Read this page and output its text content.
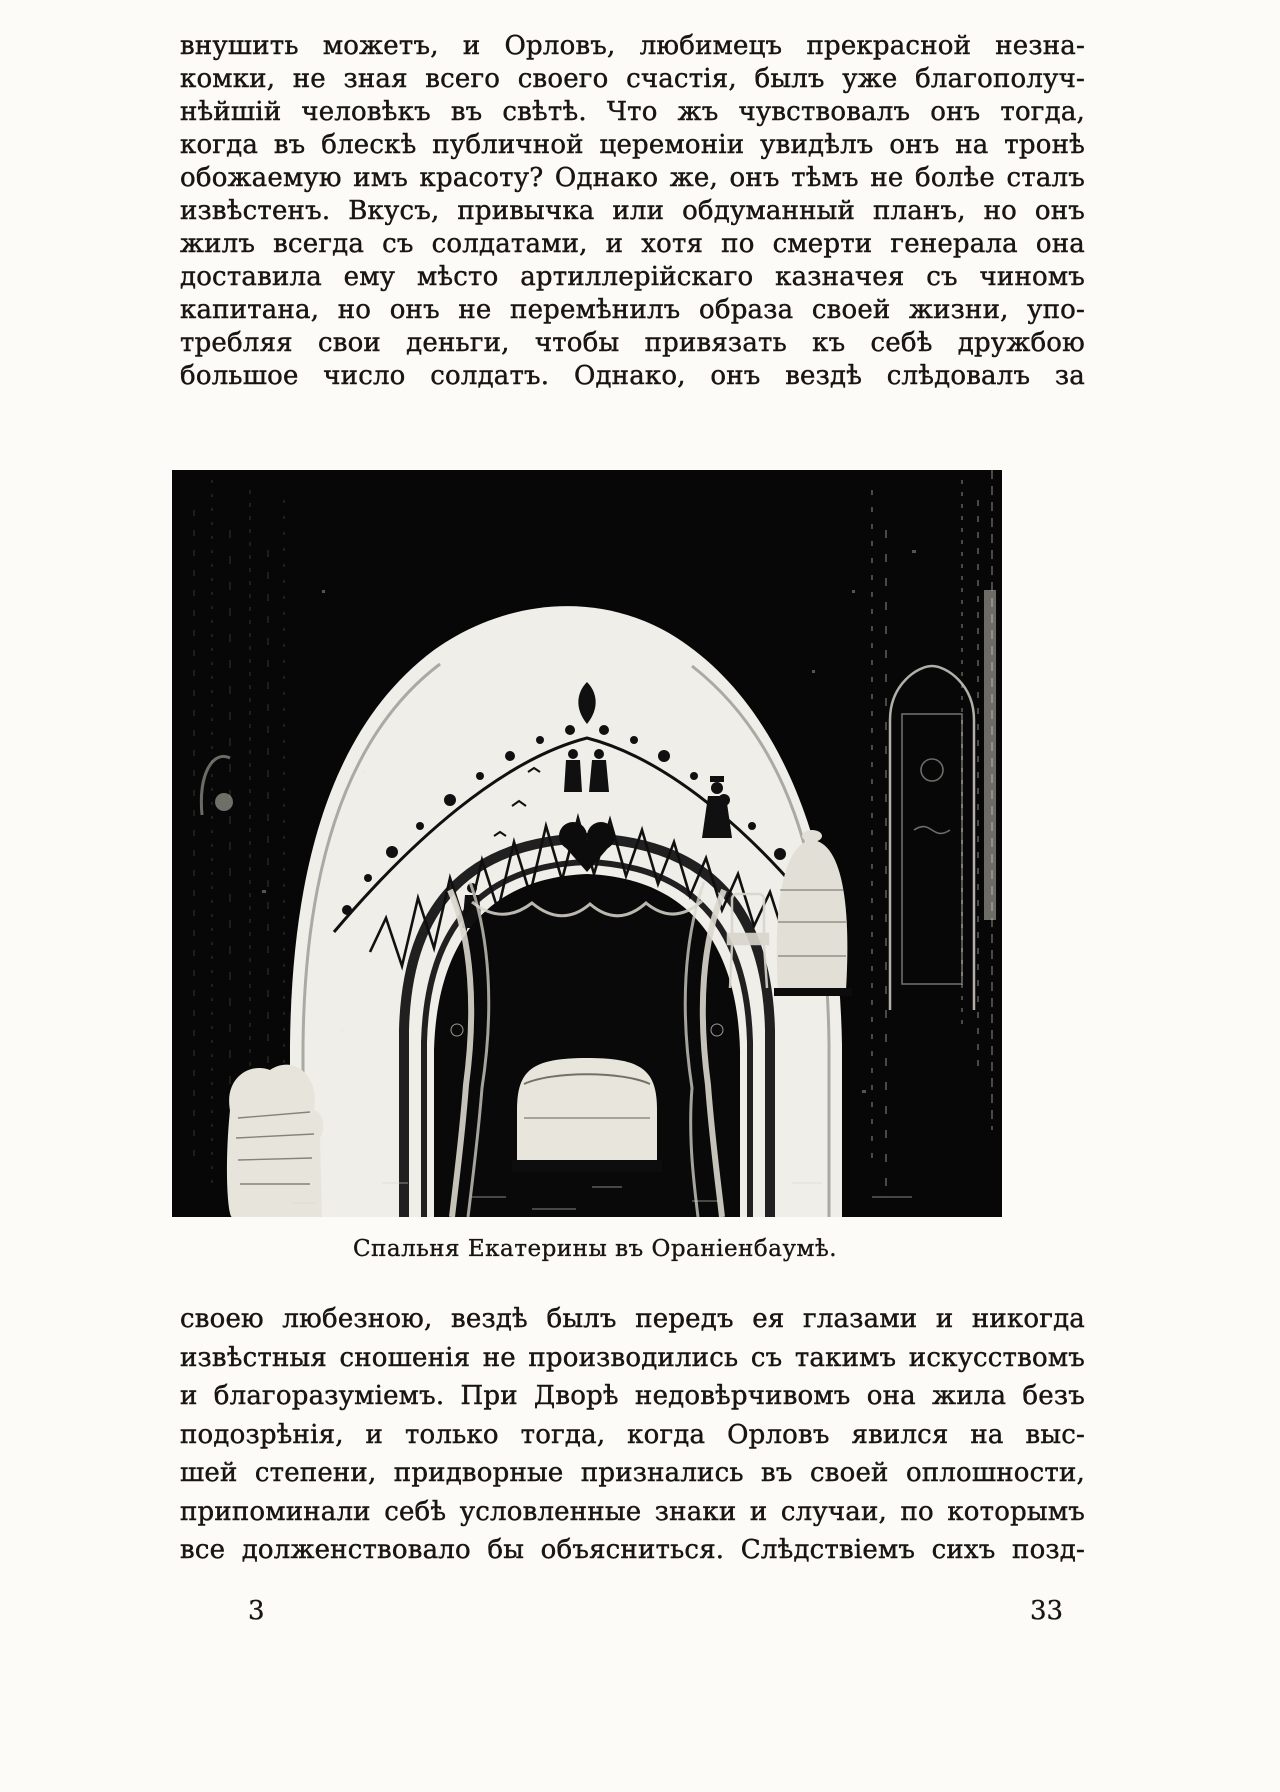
внушить можетъ, и Орловъ, любимецъ прекрасной незна-
комки, не зная всего своего счастія, былъ уже благополуч-
нѣйшій человѣкъ въ свѣтѣ. Что жъ чувствовалъ онъ тогда,
когда въ блескѣ публичной церемоніи увидѣлъ онъ на тронѣ
обожаемую имъ красоту? Однако же, онъ тѣмъ не болѣе сталъ
извѣстенъ. Вкусъ, привычка или обдуманный планъ, но онъ
жилъ всегда съ солдатами, и хотя по смерти генерала она
доставила ему мѣсто артиллерійскаго казначея съ чиномъ
капитана, но онъ не перемѣнилъ образа своей жизни, упо-
требляя свои деньги, чтобы привязать къ себѣ дружбою
большое число солдатъ. Однако, онъ вездѣ слѣдовалъ за
Спальня Екатерины въ Ораніенбаумѣ.
своею любезною, вездѣ былъ передъ ея глазами и никогда
извѣстныя сношенія не производились съ такимъ искусствомъ
и благоразуміемъ. При Дворѣ недовѣрчивомъ она жила безъ
подозрѣнія, и только тогда, когда Орловъ явился на выс-
шей степени, придворные признались въ своей оплошности,
припоминали себѣ условленные знаки и случаи, по которымъ
все долженствовало бы объясниться. Слѣдствіемъ сихъ позд-
3	33
